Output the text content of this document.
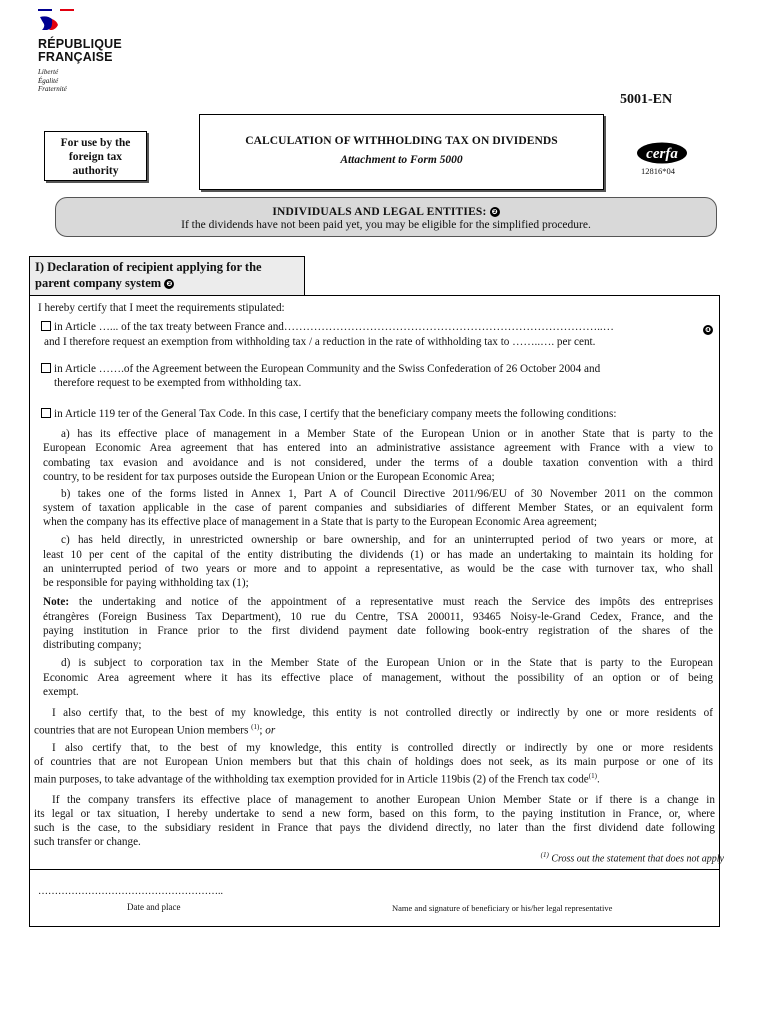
RÉPUBLIQUE
FRANÇAISE
Liberté
Égalité
Fraternité
5001-EN
For use by the
foreign tax
authority
CALCULATION OF WITHHOLDING TAX ON DIVIDENDS
Attachment to Form 5000	cerfa
12816*04
INDIVIDUALS AND LEGAL ENTITIES: ❷
If the dividends have not been paid yet, you may be eligible for the simplified procedure.
I) Declaration of recipient applying for the
parent company system ❷
I hereby certify that I meet the requirements stipulated:
in Article …... of the tax treaty between France and…………………………………………………………………………..…	❹
and I therefore request an exemption from withholding tax / a reduction in the rate of withholding tax to ……..…. per cent.
in Article …….of the Agreement between the European Community and the Swiss Confederation of 26 October 2004 and
therefore request to be exempted from withholding tax.
in Article 119 ter of the General Tax Code. In this case, I certify that the beneficiary company meets the following conditions:
a) has its effective place of management in a Member State of the European Union or in another State that is party to the
European Economic Area agreement that has entered into an administrative assistance agreement with France with a view to
combating tax evasion and avoidance and is not considered, under the terms of a double taxation convention with a third
country, to be resident for tax purposes outside the European Union or the European Economic Area;
b) takes one of the forms listed in Annex 1, Part A of Council Directive 2011/96/EU of 30 November 2011 on the common
system of taxation applicable in the case of parent companies and subsidiaries of different Member States, or an equivalent form
when the company has its effective place of management in a State that is party to the European Economic Area agreement;
c) has held directly, in unrestricted ownership or bare ownership, and for an uninterrupted period of two years or more, at
least 10 per cent of the capital of the entity distributing the dividends (1) or has made an undertaking to maintain its holding for
an uninterrupted period of two years or more and to appoint a representative, as would be the case with turnover tax, who shall
be responsible for paying withholding tax (1);
Note: the undertaking and notice of the appointment of a representative must reach the Service des impôts des entreprises
étrangères (Foreign Business Tax Department), 10 rue du Centre, TSA 200011, 93465 Noisy-le-Grand Cedex, France, and the
paying institution in France prior to the first dividend payment date following book-entry registration of the shares of the
distributing company;
d) is subject to corporation tax in the Member State of the European Union or in the State that is party to the European
Economic Area agreement where it has its effective place of management, without the possibility of an option or of being
exempt.
I also certify that, to the best of my knowledge, this entity is not controlled directly or indirectly by one or more residents of
countries that are not European Union members $^{(1)}$; or
I also certify that, to the best of my knowledge, this entity is controlled directly or indirectly by one or more residents
of countries that are not European Union members but that this chain of holdings does not seek, as its main purpose or one of its
main purposes, to take advantage of the withholding tax exemption provided for in Article 119bis (2) of the French tax code$^{(1)}$.
If the company transfers its effective place of management to another European Union Member State or if there is a change in
its legal or tax situation, I hereby undertake to send a new form, based on this form, to the paying institution in France, or, where
such is the case, to the subsidiary resident in France that pays the dividend directly, no later than the first dividend date following
such transfer or change.
$^{(1)}$ Cross out the statement that does not apply
………………………………………………..
Date and place	Name and signature of beneficiary or his/her legal representative
